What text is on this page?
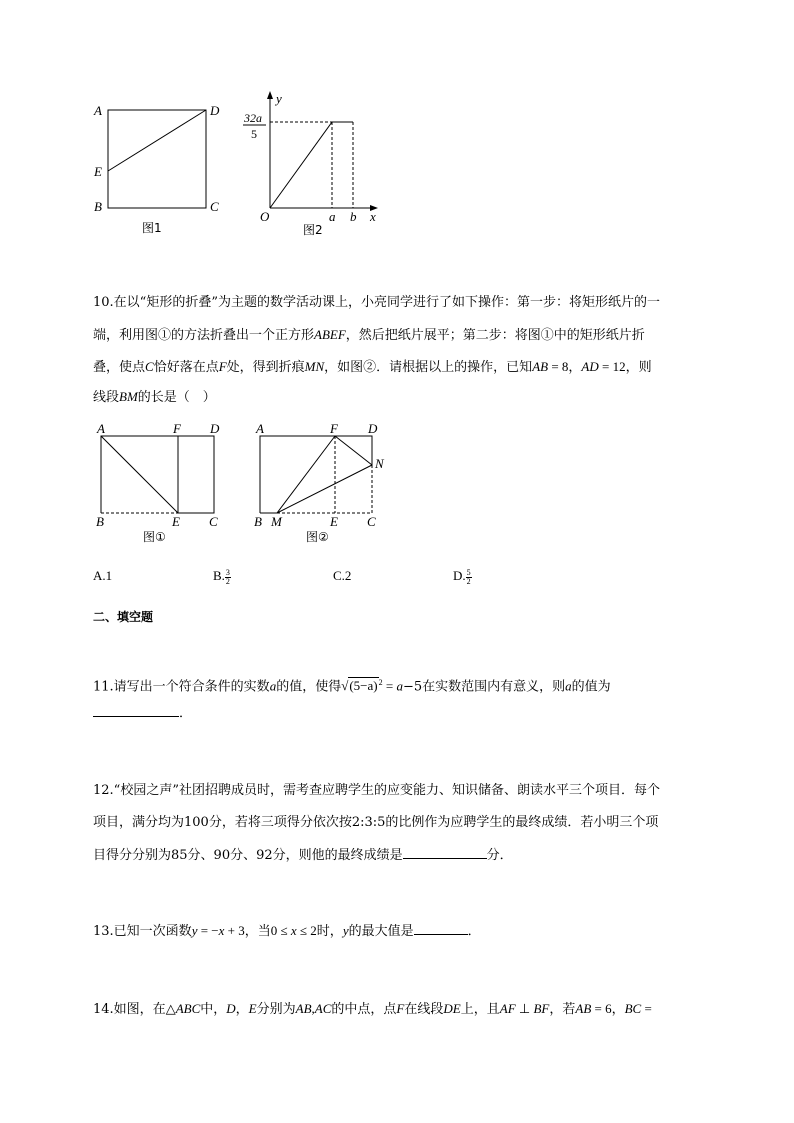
A	D
E
B	C
图1
y
32a
5
O	a b x
图2
10.在以“矩形的折叠”为主题的数学活动课上，小亮同学进行了如下操作：第一步：将矩形纸片的一
端，利用图①的方法折叠出一个正方形ABEF，然后把纸片展平；第二步：将图①中的矩形纸片折
叠，使点C恰好落在点F处，得到折痕MN，如图②．请根据以上的操作，已知AB = 8，AD = 12，则
线段BM的长是（　）
A	F D
B	E C
图①
A	F D
N
B M	E C
图②
A.1	B. $\frac{3}{2}$	C.2	D. $\frac{5}{2}$
二、填空题
11.请写出一个符合条件的实数a的值，使得$√(5-a)^2 = a-5$在实数范围内有意义，则a的值为
．
12.“校园之声”社团招聘成员时，需考查应聘学生的应变能力、知识储备、朗读水平三个项目．每个
项目，满分均为100分，若将三项得分依次按2:3:5的比例作为应聘学生的最终成绩．若小明三个项
目得分分别为85分、90分、92分，则他的最终成绩是	分．
13.已知一次函数y = −x + 3，当0 ≤ x ≤ 2时，y的最大值是	．
14.如图，在△ABC中，D，E分别为AB,AC的中点，点F在线段DE上，且AF ⊥ BF，若AB = 6，BC =
